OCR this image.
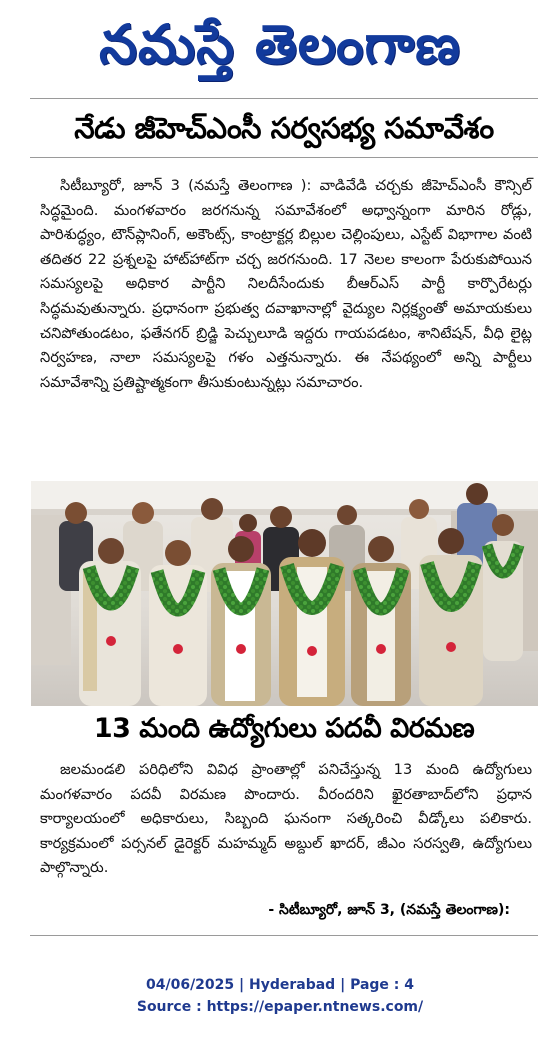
నమస్తే తెలంగాణ
నేడు జీహెచ్ఎంసీ సర్వసభ్య సమావేశం

సిటీబ్యూరో, జూన్ 3 (నమస్తే తెలంగాణ ): వాడివేడి చర్చకు జీహెచ్ఎంసీ కౌన్సిల్ సిద్ధమైంది. మంగళవారం జరగనున్న సమావేశంలో అధ్వాన్నంగా మారిన రోడ్లు, పారిశుద్ధ్యం, టౌన్‌ప్లానింగ్, అకౌంట్స్, కాంట్రాక్టర్ల బిల్లుల చెల్లింపులు, ఎస్టేట్ విభాగాల వంటి తదితర 22 ప్రశ్నలపై హాట్‌హాట్‌గా చర్చ జరగనుంది. 17 నెలల కాలంగా పేరుకుపోయిన సమస్యలపై అధికార పార్టీని నిలదీసేందుకు బీఆర్ఎస్ పార్టీ కార్పొరేటర్లు సిద్ధమవుతున్నారు. ప్రధానంగా ప్రభుత్వ దవాఖానాల్లో వైద్యుల నిర్లక్ష్యంతో అమాయకులు చనిపోతుండటం, ఫతేనగర్ బ్రిడ్జి పెచ్చులూడి ఇద్దరు గాయపడటం, శానిటేషన్, వీధి లైట్ల నిర్వహణ, నాలా సమస్యలపై గళం ఎత్తనున్నారు. ఈ నేపథ్యంలో అన్ని పార్టీలు సమావేశాన్ని ప్రతిష్టాత్మకంగా తీసుకుంటున్నట్లు సమాచారం.

13 మంది ఉద్యోగులు పదవీ విరమణ

జలమండలి పరిధిలోని వివిధ ప్రాంతాల్లో పనిచేస్తున్న 13 మంది ఉద్యోగులు మంగళవారం పదవీ విరమణ పొందారు. వీరందరిని ఖైరతాబాద్‌లోని ప్రధాన కార్యాలయంలో అధికారులు, సిబ్బంది ఘనంగా సత్కరించి వీడ్కోలు పలికారు. కార్యక్రమంలో పర్సనల్ డైరెక్టర్ మహమ్మద్ అబ్దుల్ ఖాదర్, జీఎం సరస్వతి, ఉద్యోగులు పాల్గొన్నారు.

- సిటీబ్యూరో, జూన్ 3, (నమస్తే తెలంగాణ):
04/06/2025 | Hyderabad | Page : 4
Source : https://epaper.ntnews.com/
